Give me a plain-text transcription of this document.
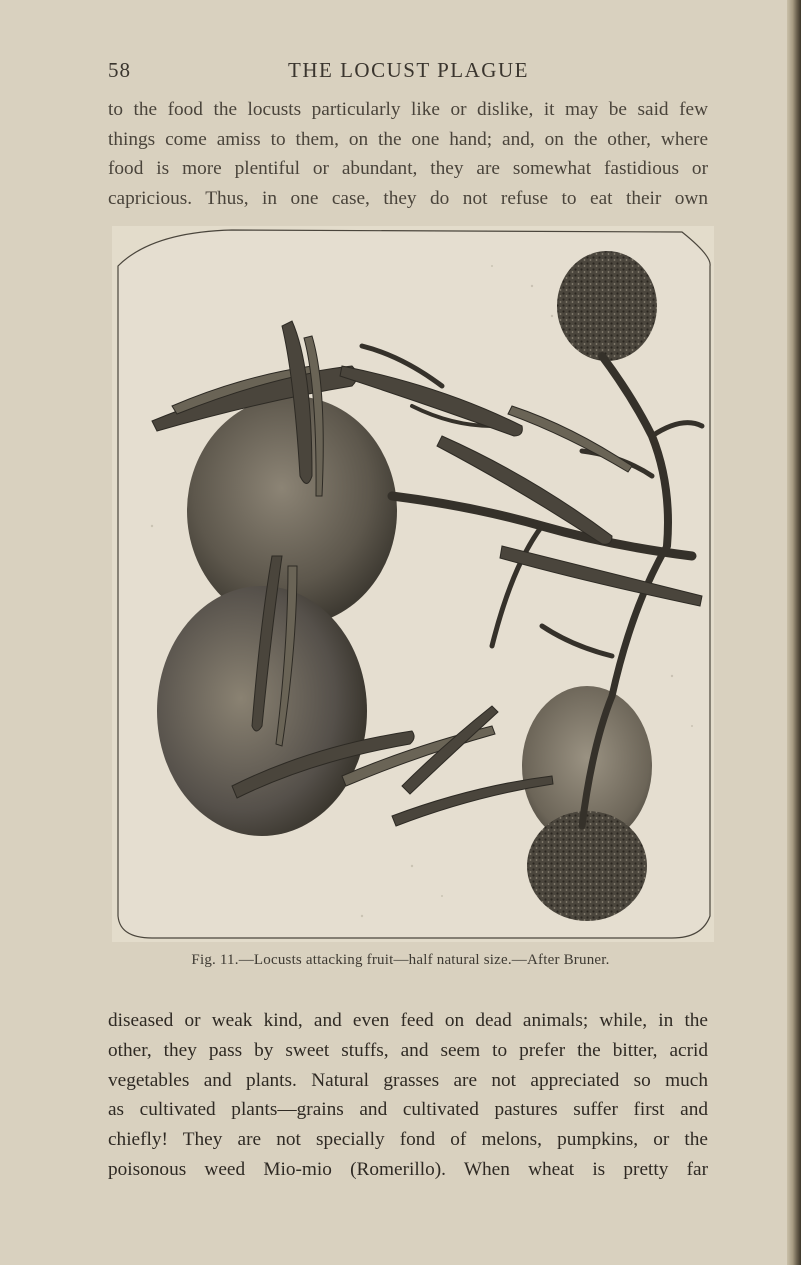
58	THE LOCUST PLAGUE

to the food the locusts particularly like or dislike, it may be said few
things come amiss to them, on the one hand; and, on the other, where
food is more plentiful or abundant, they are somewhat fastidious or
capricious. Thus, in one case, they do not refuse to eat their own

Fig. 11.—Locusts attacking fruit—half natural size.—After Bruner.

diseased or weak kind, and even feed on dead animals; while, in the
other, they pass by sweet stuffs, and seem to prefer the bitter, acrid
vegetables and plants. Natural grasses are not appreciated so much
as cultivated plants—grains and cultivated pastures suffer first and
chiefly! They are not specially fond of melons, pumpkins, or the
poisonous weed Mio-mio (Romerillo). When wheat is pretty far
